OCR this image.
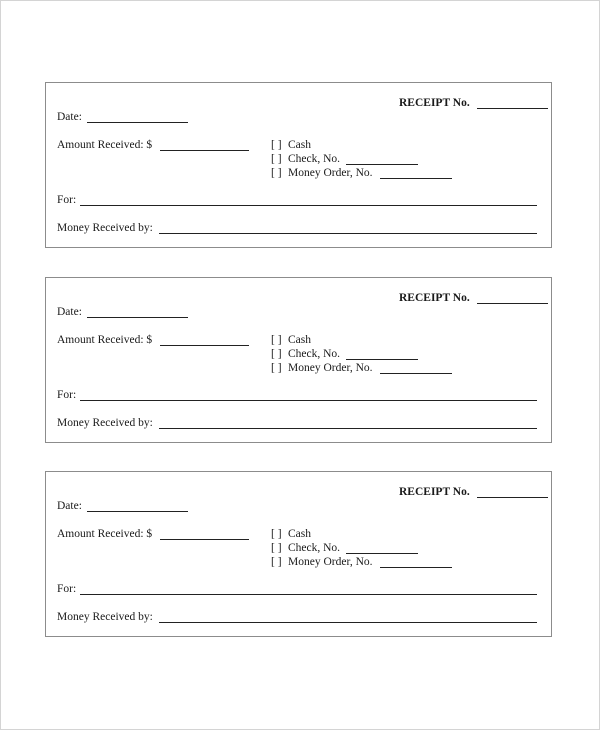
RECEIPT No.
Date:
Amount Received: $	[ ] Cash
[ ] Check, No.
[ ] Money Order, No.
For:
Money Received by:
RECEIPT No.
Date:
Amount Received: $	[ ] Cash
[ ] Check, No.
[ ] Money Order, No.
For:
Money Received by:
RECEIPT No.
Date:
Amount Received: $	[ ] Cash
[ ] Check, No.
[ ] Money Order, No.
For:
Money Received by:
